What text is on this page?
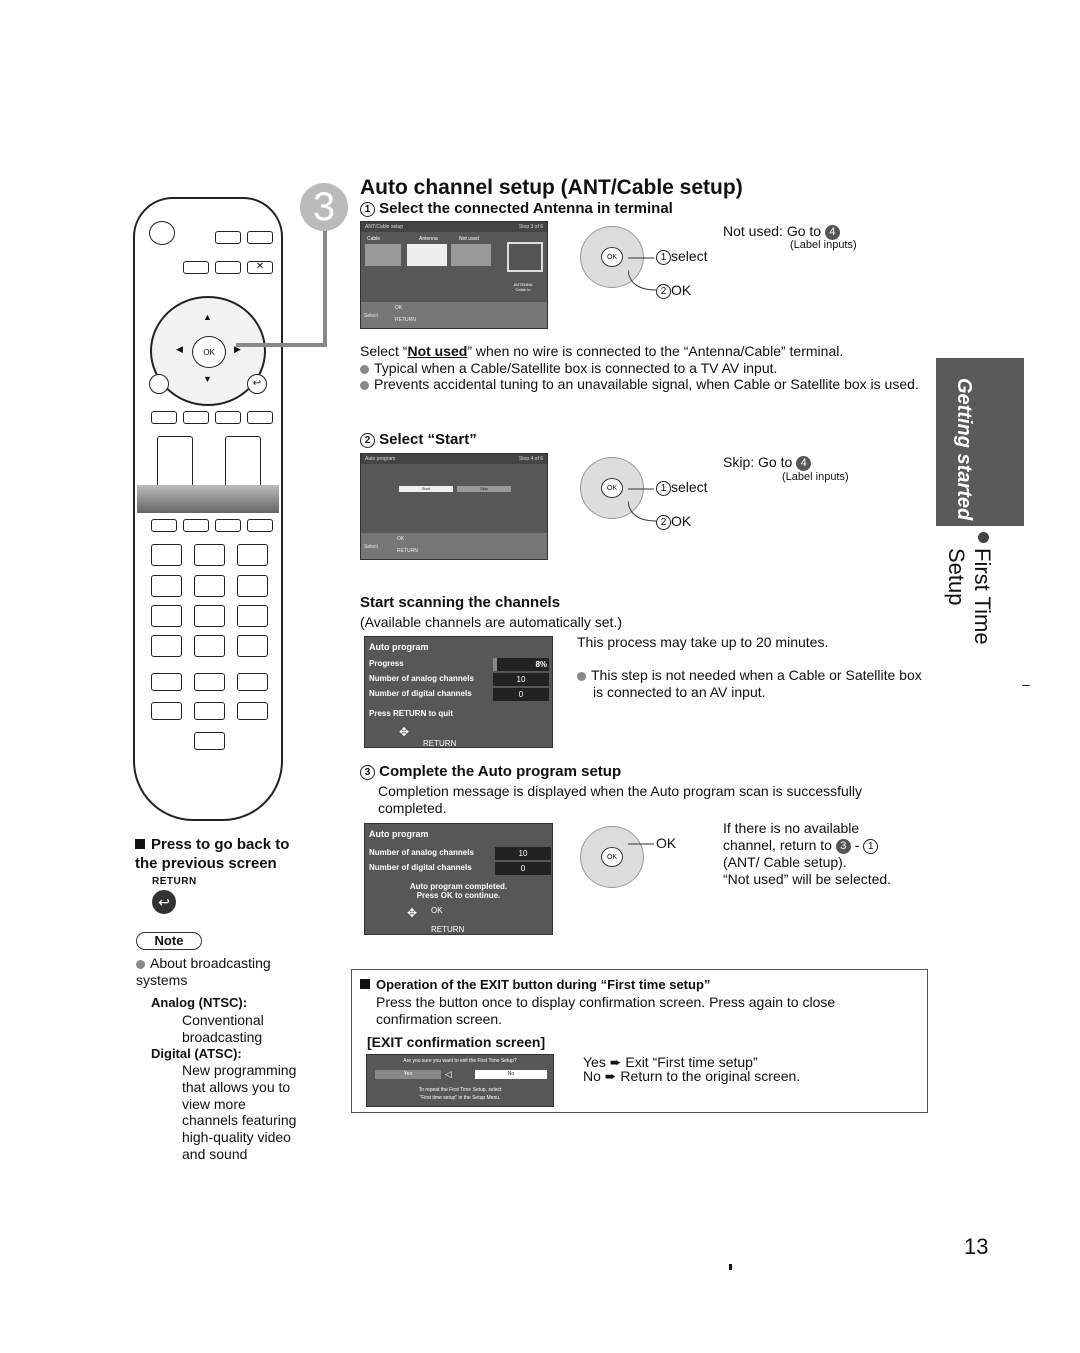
✕
▲
▼
◀	▶
OK
↩
Press to go back to the previous screen
RETURN
↩
Note
About broadcasting systems
Analog (NTSC):
Conventional broadcasting
Digital (ATSC):
New programming that allows you to view more channels featuring high-quality video and sound
3	Auto channel setup (ANT/Cable setup)
1 Select the connected Antenna in terminal
ANT/Cable setup	Step 3 of 6
Cable	Antenna	Not used
ANTENNA Cable In
Select
OK
RETURN
OK	1 select
2 OK
Not used: Go to 4
(Label inputs)
Select “Not used” when no wire is connected to the “Antenna/Cable” terminal.
Typical when a Cable/Satellite box is connected to a TV AV input.
Prevents accidental tuning to an unavailable signal, when Cable or Satellite box is used.
2 Select “Start”
Auto program	Step 4 of 6
Start	Skip
Select
OK
RETURN
OK	1 select
2 OK
Skip: Go to 4
(Label inputs)
Start scanning the channels
(Available channels are automatically set.)
Auto program
Progress	8%
Number of analog channels	10
Number of digital channels	0
Press RETURN to quit
✥
RETURN
This process may take up to 20 minutes.
This step is not needed when a Cable or Satellite box is connected to an AV input.
3 Complete the Auto program setup
Completion message is displayed when the Auto program scan is successfully completed.
Auto program
Number of analog channels	10
Number of digital channels	0
Auto program completed.
Press OK to continue.
✥ OK
RETURN
OK
OK
If there is no available
channel, return to 3 - 1
(ANT/ Cable setup).
“Not used” will be selected.
Operation of the EXIT button during “First time setup”
Press the button once to display confirmation screen. Press again to close confirmation screen.
[EXIT confirmation screen]
Are you sure you want to exit the First Time Setup?
Yes	◁	No
To repeat the First Time Setup, select
“First time setup” in the Setup Menu.
Yes ➨ Exit “First time setup”
No ➨ Return to the original screen.
Getting started
First Time Setup
–
13
